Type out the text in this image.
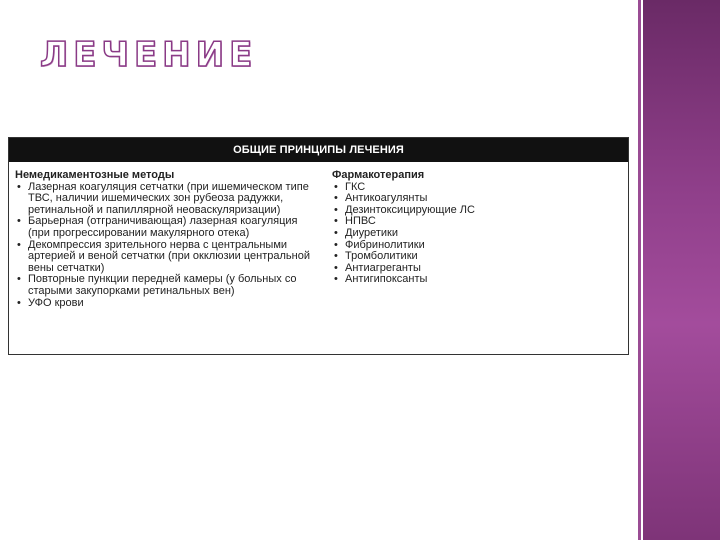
ЛЕЧЕНИЕ
ОБЩИЕ ПРИНЦИПЫ ЛЕЧЕНИЯ
Немедикаментозные методы
• Лазерная коагуляция сетчатки (при ишемическом типе ТВС, наличии ишемических зон рубеоза радужки, ретинальной и папиллярной неоваскуляризации)
• Барьерная (отграничивающая) лазерная коагуляция (при прогрессировании макулярного отека)
• Декомпрессия зрительного нерва с центральными артерией и веной сетчатки (при окклюзии центральной вены сетчатки)
• Повторные пункции передней камеры (у больных со старыми закупорками ретинальных вен)
• УФО крови
Фармакотерапия
• ГКС
• Антикоагулянты
• Дезинтоксицирующие ЛС
• НПВС
• Диуретики
• Фибринолитики
• Тромболитики
• Антиагреганты
• Антигипоксанты
